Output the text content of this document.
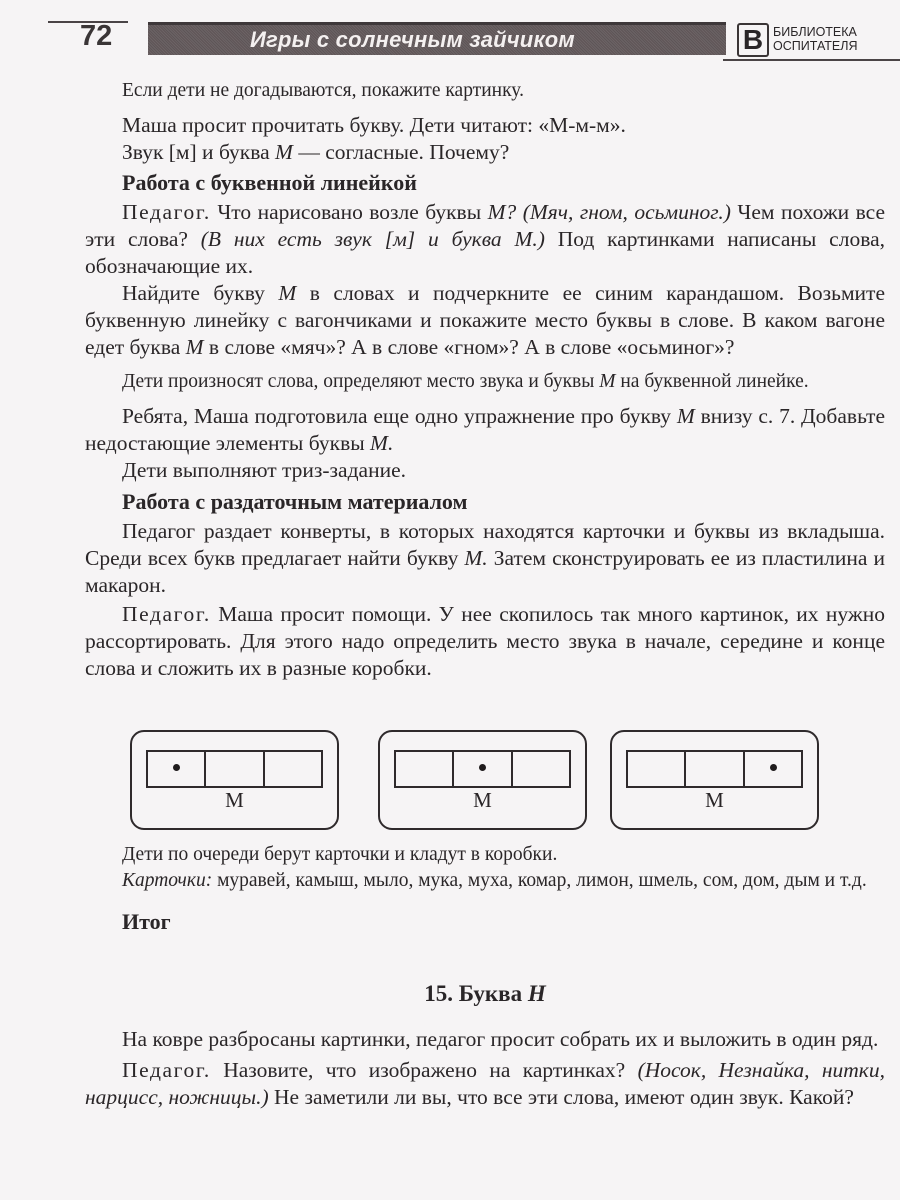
72	Игры с солнечным зайчиком	В БИБЛИОТЕКА
ОСПИТАТЕЛЯ

Если дети не догадываются, покажите картинку.

Маша просит прочитать букву. Дети читают: «М-м-м».

Звук [м] и буква М — согласные. Почему?

Работа с буквенной линейкой

Педагог. Что нарисовано возле буквы М? (Мяч, гном, осьминог.) Чем похожи все эти слова? (В них есть звук [м] и буква М.) Под картинками написаны слова, обозначающие их.

Найдите букву М в словах и подчеркните ее синим карандашом. Возьмите буквенную линейку с вагончиками и покажите место буквы в слове. В каком вагоне едет буква М в слове «мяч»? А в слове «гном»? А в слове «осьминог»?

Дети произносят слова, определяют место звука и буквы М на буквенной линейке.

Ребята, Маша подготовила еще одно упражнение про букву М внизу с. 7. Добавьте недостающие элементы буквы М.

Дети выполняют триз-задание.

Работа с раздаточным материалом

Педагог раздает конверты, в которых находятся карточки и буквы из вкладыша. Среди всех букв предлагает найти букву М. Затем сконструировать ее из пластилина и макарон.

Педагог. Маша просит помощи. У нее скопилось так много картинок, их нужно рассортировать. Для этого надо определить место звука в начале, середине и конце слова и сложить их в разные коробки.

М	М	М

Дети по очереди берут карточки и кладут в коробки.

Карточки: муравей, камыш, мыло, мука, муха, комар, лимон, шмель, сом, дом, дым и т.д.

Итог

15. Буква Н

На ковре разбросаны картинки, педагог просит собрать их и выложить в один ряд.

Педагог. Назовите, что изображено на картинках? (Носок, Незнайка, нитки, нарцисс, ножницы.) Не заметили ли вы, что все эти слова, имеют один звук. Какой?
